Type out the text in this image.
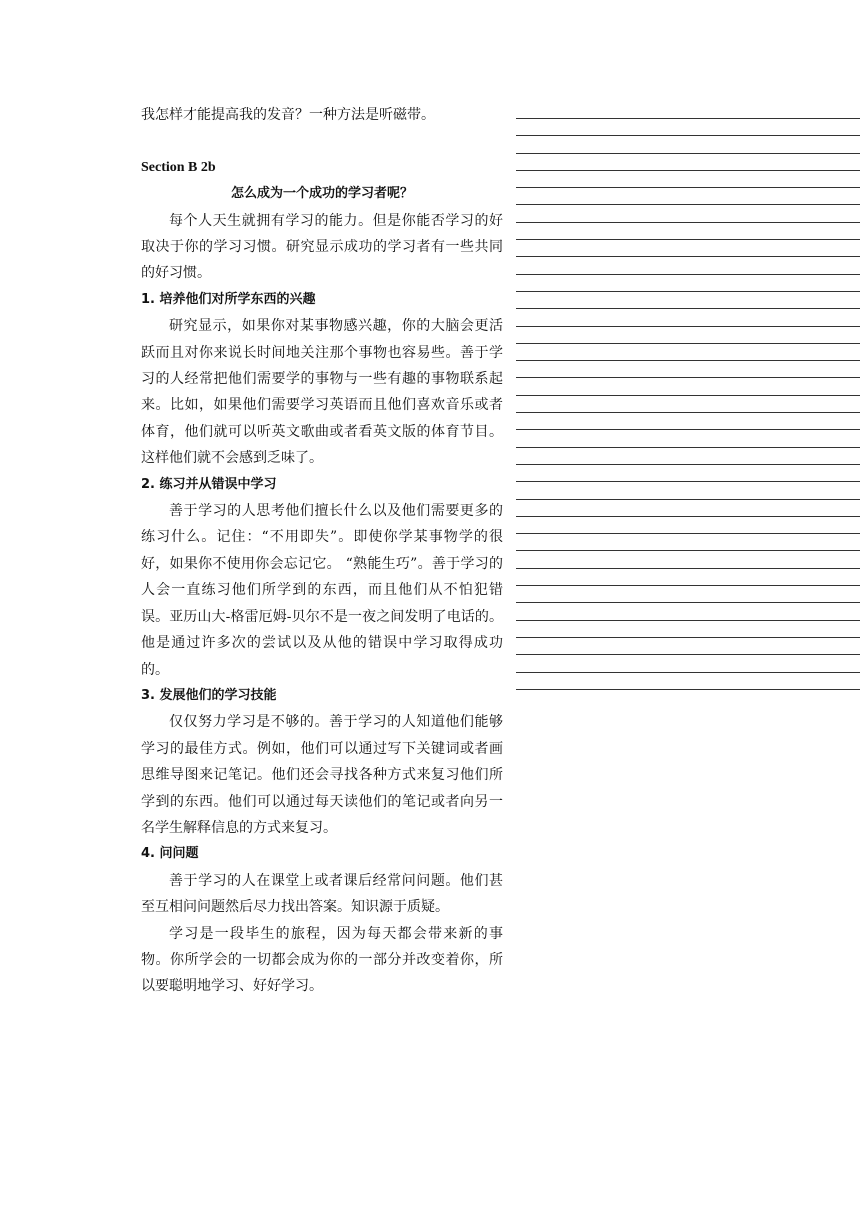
我怎样才能提高我的发音？一种方法是听磁带。

Section B 2b

怎么成为一个成功的学习者呢？

每个人天生就拥有学习的能力。但是你能否学习的好取决于你的学习习惯。研究显示成功的学习者有一些共同的好习惯。

1. 培养他们对所学东西的兴趣

研究显示，如果你对某事物感兴趣，你的大脑会更活跃而且对你来说长时间地关注那个事物也容易些。善于学习的人经常把他们需要学的事物与一些有趣的事物联系起来。比如，如果他们需要学习英语而且他们喜欢音乐或者体育，他们就可以听英文歌曲或者看英文版的体育节目。这样他们就不会感到乏味了。

2. 练习并从错误中学习

善于学习的人思考他们擅长什么以及他们需要更多的练习什么。记住：“不用即失”。即使你学某事物学的很好，如果你不使用你会忘记它。 “熟能生巧”。善于学习的人会一直练习他们所学到的东西，而且他们从不怕犯错误。亚历山大-格雷厄姆-贝尔不是一夜之间发明了电话的。他是通过许多次的尝试以及从他的错误中学习取得成功的。

3. 发展他们的学习技能

仅仅努力学习是不够的。善于学习的人知道他们能够学习的最佳方式。例如，他们可以通过写下关键词或者画思维导图来记笔记。他们还会寻找各种方式来复习他们所学到的东西。他们可以通过每天读他们的笔记或者向另一名学生解释信息的方式来复习。

4. 问问题

善于学习的人在课堂上或者课后经常问问题。他们甚至互相问问题然后尽力找出答案。知识源于质疑。

学习是一段毕生的旅程，因为每天都会带来新的事物。你所学会的一切都会成为你的一部分并改变着你，所以要聪明地学习、好好学习。
